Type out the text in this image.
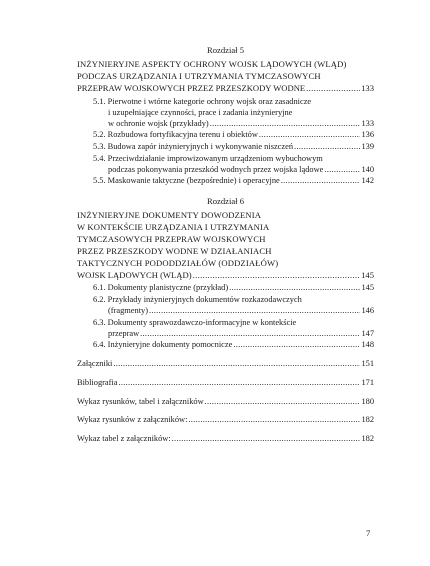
Rozdział 5
INŻYNIERYJNE ASPEKTY OCHRONY WOJSK LĄDOWYCH (WLĄD)
PODCZAS URZĄDZANIA I UTRZYMANIA TYMCZASOWYCH
PRZEPRAW WOJSKOWYCH PRZEZ PRZESZKODY WODNE . . .	133
5.1. Pierwotne i wtórne kategorie ochrony wojsk oraz zasadnicze
i uzupełniające czynności, prace i zadania inżynieryjne
w ochronie wojsk (przykłady) . . .	133
5.2. Rozbudowa fortyfikacyjna terenu i obiektów . . .	136
5.3. Budowa zapór inżynieryjnych i wykonywanie niszczeń . . .	139
5.4. Przeciwdziałanie improwizowanym urządzeniom wybuchowym
podczas pokonywania przeszkód wodnych przez wojska lądowe . . .	140
5.5. Maskowanie taktyczne (bezpośrednie) i operacyjne . . .	142
Rozdział 6
INŻYNIERYJNE DOKUMENTY DOWODZENIA
W KONTEKŚCIE URZĄDZANIA I UTRZYMANIA
TYMCZASOWYCH PRZEPRAW WOJSKOWYCH
PRZEZ PRZESZKODY WODNE W DZIAŁANIACH
TAKTYCZNYCH PODODDZIAŁÓW (ODDZIAŁÓW)
WOJSK LĄDOWYCH (WLĄD) . . .	145
6.1. Dokumenty planistyczne (przykład) . . .	145
6.2. Przykłady inżynieryjnych dokumentów rozkazodawczych
(fragmenty) . . .	146
6.3. Dokumenty sprawozdawczo-informacyjne w kontekście
przepraw . . .	147
6.4. Inżynieryjne dokumenty pomocnicze . . .	148
Załączniki . . .	151
Bibliografia . . .	171
Wykaz rysunków, tabel i załączników . . .	180
Wykaz rysunków z załączników: . . .	182
Wykaz tabel z załączników: . . .	182
7
